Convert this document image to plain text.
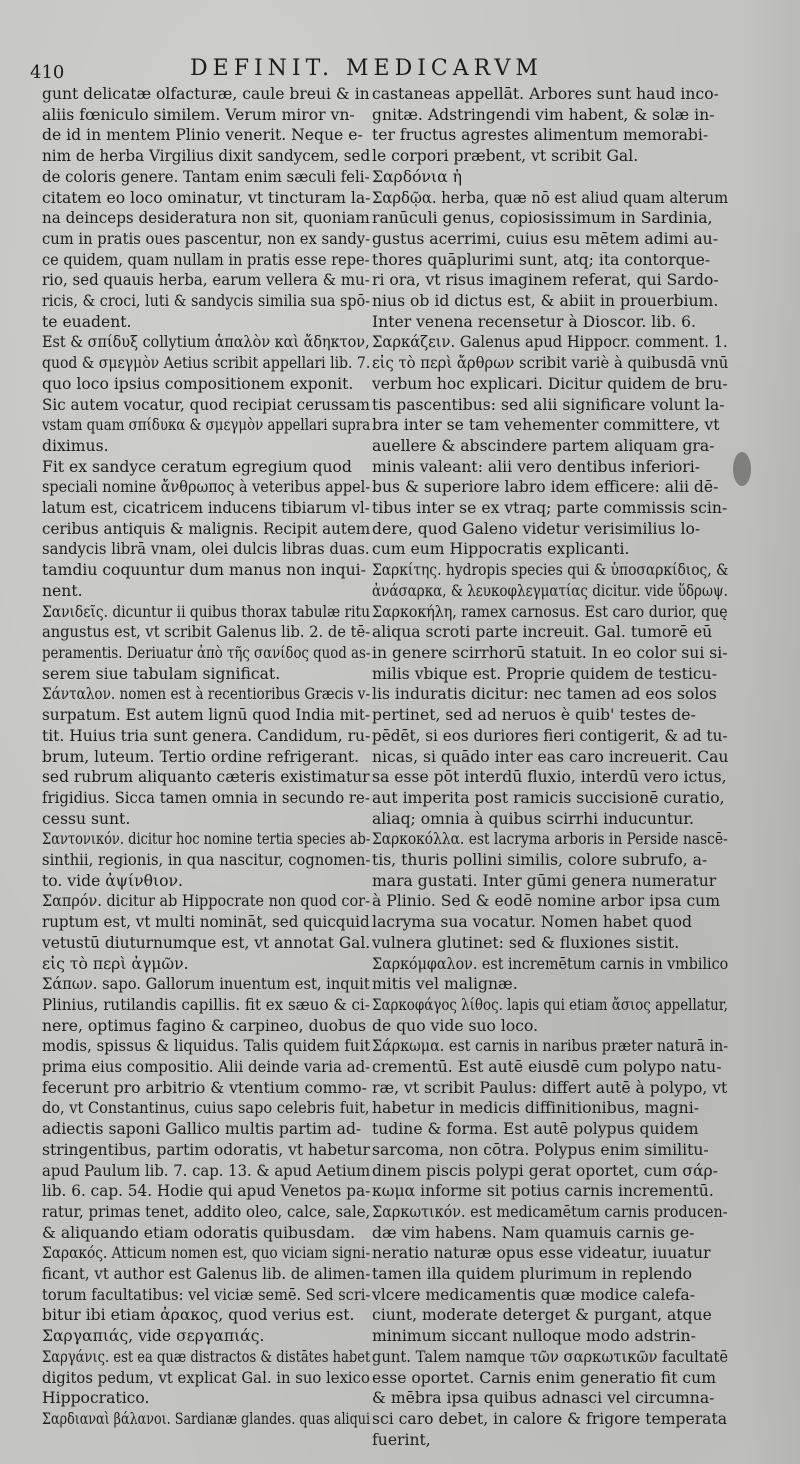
410	DEFINIT. MEDICARVM
gunt delicatæ olfacturæ, caule breui & in
aliis fœniculo similem. Verum miror vn-
de id in mentem Plinio venerit. Neque e-
nim de herba Virgilius dixit sandycem, sed
de coloris genere. Tantam enim sæculi feli-
citatem eo loco ominatur, vt tincturam la-
na deinceps desideratura non sit, quoniam
cum in pratis oues pascentur, non ex sandy-
ce quidem, quam nullam in pratis esse repe-
rio, sed quauis herba, earum vellera & mu-
ricis, & croci, luti & sandycis similia sua spō-
te euadent.
Est & σπίδυξ collytium ἁπαλὸν καὶ ἄδηκτον,
quod & σμεγμὸν Aetius scribit appellari lib. 7.
quo loco ipsius compositionem exponit.
Sic autem vocatur, quod recipiat cerussam
vstam quam σπίδυκα & σμεγμὸν appellari supra
diximus.
Fit ex sandyce ceratum egregium quod
speciali nomine ἄνθρωπος à veteribus appel-
latum est, cicatricem inducens tibiarum vl-
ceribus antiquis & malignis. Recipit autem
sandycis librā vnam, olei dulcis libras duas.
tamdiu coquuntur dum manus non inqui-
nent.
Σανιδεῖς. dicuntur ii quibus thorax tabulæ ritu
angustus est, vt scribit Galenus lib. 2. de tē-
peramentis. Deriuatur ἀπὸ τῆς σανίδος quod as-
serem siue tabulam significat.
Σάνταλον. nomen est à recentioribus Græcis v-
surpatum. Est autem lignū quod India mit-
tit. Huius tria sunt genera. Candidum, ru-
brum, luteum. Tertio ordine refrigerant.
sed rubrum aliquanto cæteris existimatur
frigidius. Sicca tamen omnia in secundo re-
cessu sunt.
Σαντονικόν. dicitur hoc nomine tertia species ab-
sinthii, regionis, in qua nascitur, cognomen-
to. vide ἀψίνθιον.
Σαπρόν. dicitur ab Hippocrate non quod cor-
ruptum est, vt multi nomināt, sed quicquid
vetustū diuturnumque est, vt annotat Gal.
εἰς τὸ περὶ ἀγμῶν.
Σάπων. sapo. Gallorum inuentum est, inquit
Plinius, rutilandis capillis. fit ex sæuo & ci-
nere, optimus fagino & carpineo, duobus
modis, spissus & liquidus. Talis quidem fuit
prima eius compositio. Alii deinde varia ad-
fecerunt pro arbitrio & vtentium commo-
do, vt Constantinus, cuius sapo celebris fuit,
adiectis saponi Gallico multis partim ad-
stringentibus, partim odoratis, vt habetur
apud Paulum lib. 7. cap. 13. & apud Aetium
lib. 6. cap. 54. Hodie qui apud Venetos pa-
ratur, primas tenet, addito oleo, calce, sale,
& aliquando etiam odoratis quibusdam.
Σαρακός. Atticum nomen est, quo viciam signi-
ficant, vt author est Galenus lib. de alimen-
torum facultatibus: vel viciæ semē. Sed scri-
bitur ibi etiam ἀρακος, quod verius est.
Σαργαπιάς, vide σεργαπιάς.
Σαργάνις. est ea quæ distractos & distātes habet
digitos pedum, vt explicat Gal. in suo lexico
Hippocratico.
Σαρδιαναὶ βάλανοι. Sardianæ glandes. quas aliqui
castaneas appellāt. Arbores sunt haud inco-
gnitæ. Adstringendi vim habent, & solæ in-
ter fructus agrestes alimentum memorabi-
le corpori præbent, vt scribit Gal.
Σαρδόνια ἡ
Σαρδῷα. herba, quæ nō est aliud quam alterum
ranūculi genus, copiosissimum in Sardinia,
gustus acerrimi, cuius esu mētem adimi au-
thores quāplurimi sunt, atq; ita contorque-
ri ora, vt risus imaginem referat, qui Sardo-
nius ob id dictus est, & abiit in prouerbium.
Inter venena recensetur à Dioscor. lib. 6.
Σαρκάζειν. Galenus apud Hippocr. comment. 1.
εἰς τὸ περὶ ἄρθρων scribit variè à quibusdā vnū
verbum hoc explicari. Dicitur quidem de bru-
tis pascentibus: sed alii significare volunt la-
bra inter se tam vehementer committere, vt
auellere & abscindere partem aliquam gra-
minis valeant: alii vero dentibus inferiori-
bus & superiore labro idem efficere: alii dē-
tibus inter se ex vtraq; parte commissis scin-
dere, quod Galeno videtur verisimilius lo-
cum eum Hippocratis explicanti.
Σαρκίτης. hydropis species qui & ὑποσαρκίδιος, &
ἀνάσαρκα, & λευκοφλεγματίας dicitur. vide ὕδρωψ.
Σαρκοκήλη, ramex carnosus. Est caro durior, quę
aliqua scroti parte increuit. Gal. tumorē eū
in genere scirrhorū statuit. In eo color sui si-
milis vbique est. Proprie quidem de testicu-
lis induratis dicitur: nec tamen ad eos solos
pertinet, sed ad neruos è quib' testes de-
pēdēt, si eos duriores fieri contigerit, & ad tu-
nicas, si quādo inter eas caro increuerit. Cau
sa esse pōt interdū fluxio, interdū vero ictus,
aut imperita post ramicis succisionē curatio,
aliaq; omnia à quibus scirrhi inducuntur.
Σαρκοκόλλα. est lacryma arboris in Perside nascē-
tis, thuris pollini similis, colore subrufo, a-
mara gustati. Inter gūmi genera numeratur
à Plinio. Sed & eodē nomine arbor ipsa cum
lacryma sua vocatur. Nomen habet quod
vulnera glutinet: sed & fluxiones sistit.
Σαρκόμφαλον. est incremētum carnis in vmbilico
mitis vel malignæ.
Σαρκοφάγος λίθος. lapis qui etiam ἄσιος appellatur,
de quo vide suo loco.
Σάρκωμα. est carnis in naribus præter naturā in-
crementū. Est autē eiusdē cum polypo natu-
ræ, vt scribit Paulus: differt autē à polypo, vt
habetur in medicis diffinitionibus, magni-
tudine & forma. Est autē polypus quidem
sarcoma, non cōtra. Polypus enim similitu-
dinem piscis polypi gerat oportet, cum σάρ-
κωμα informe sit potius carnis incrementū.
Σαρκωτικόν. est medicamētum carnis producen-
dæ vim habens. Nam quamuis carnis ge-
neratio naturæ opus esse videatur, iuuatur
tamen illa quidem plurimum in replendo
vlcere medicamentis quæ modice calefa-
ciunt, moderate deterget & purgant, atque
minimum siccant nulloque modo adstrin-
gunt. Talem namque τῶν σαρκωτικῶν facultatē
esse oportet. Carnis enim generatio fit cum
& mēbra ipsa quibus adnasci vel circumna-
sci caro debet, in calore & frigore temperata
fuerint,
